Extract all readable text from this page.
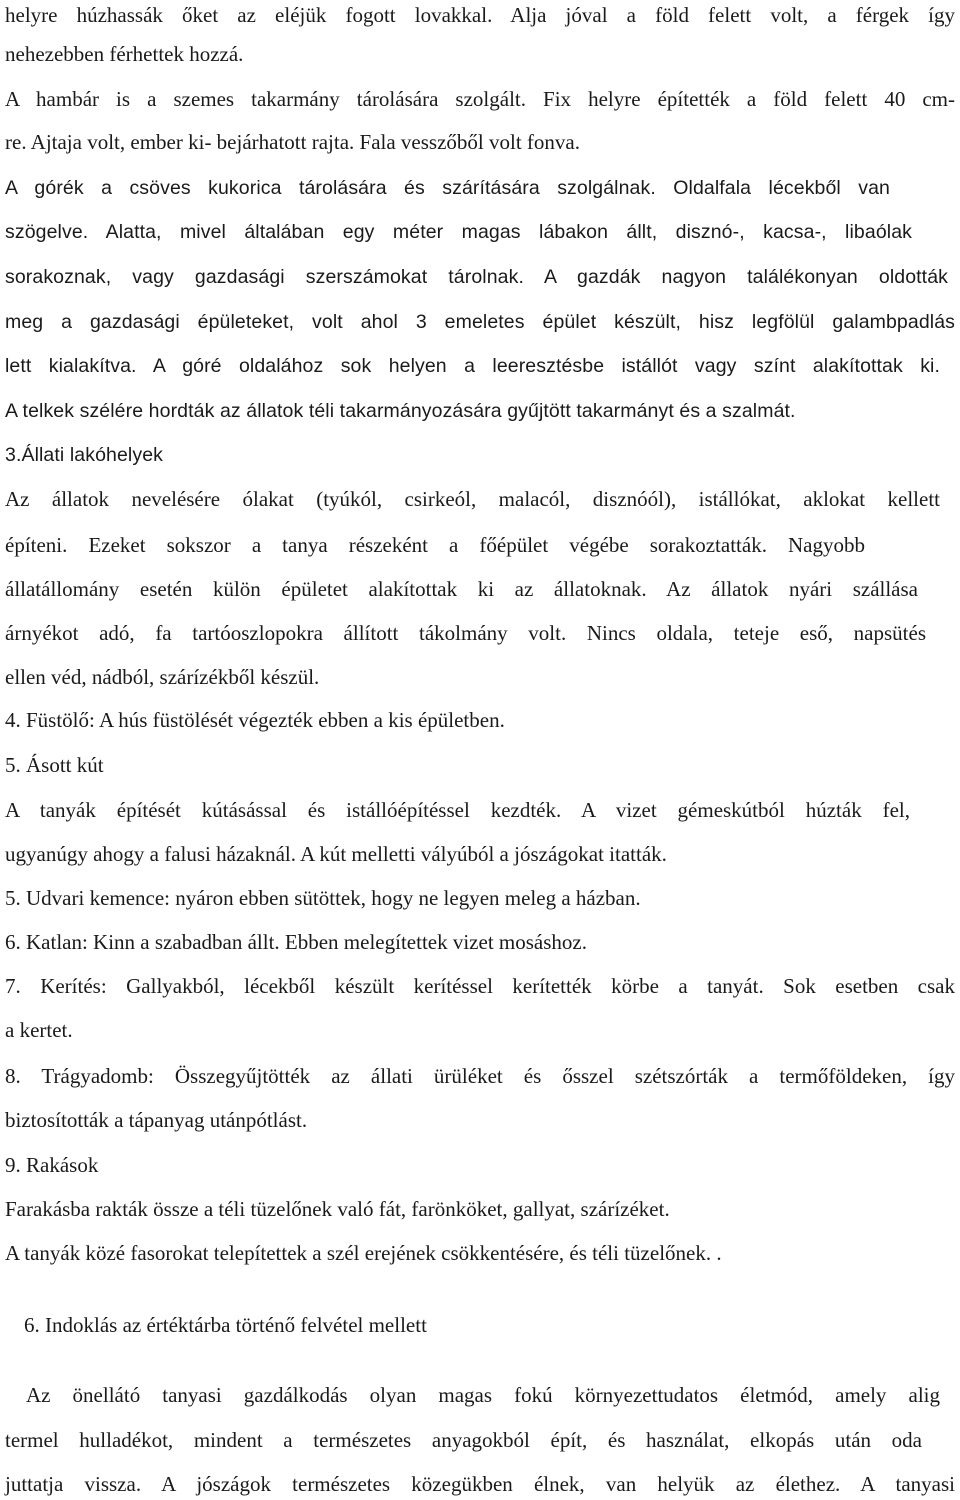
helyre húzhassák őket az eléjük fogott lovakkal. Alja jóval a föld felett volt, a férgek így
nehezebben férhettek hozzá.
A hambár is a szemes takarmány tárolására szolgált. Fix helyre építették a föld felett 40 cm-
re. Ajtaja volt, ember ki- bejárhatott rajta. Fala vesszőből volt fonva.
A górék a csöves kukorica tárolására és szárítására szolgálnak. Oldalfala lécekből van
szögelve. Alatta, mivel általában egy méter magas lábakon állt, disznó-, kacsa-, libaólak
sorakoznak, vagy gazdasági szerszámokat tárolnak. A gazdák nagyon találékonyan oldották
meg a gazdasági épületeket, volt ahol 3 emeletes épület készült, hisz legfölül galambpadlás
lett kialakítva. A góré oldalához sok helyen a leeresztésbe istállót vagy színt alakítottak ki.
A telkek szélére hordták az állatok téli takarmányozására gyűjtött takarmányt és a szalmát.
3.Állati lakóhelyek
Az állatok nevelésére ólakat (tyúkól, csirkeól, malacól, disznóól), istállókat, aklokat kellett
építeni. Ezeket sokszor a tanya részeként a főépület végébe sorakoztatták. Nagyobb
állatállomány esetén külön épületet alakítottak ki az állatoknak. Az állatok nyári szállása
árnyékot adó, fa tartóoszlopokra állított tákolmány volt. Nincs oldala, teteje eső, napsütés
ellen véd, nádból, szárízékből készül.
4. Füstölő: A hús füstölését végezték ebben a kis épületben.
5. Ásott kút
A tanyák építését kútásással és istállóépítéssel kezdték. A vizet gémeskútból húzták fel,
ugyanúgy ahogy a falusi házaknál. A kút melletti vályúból a jószágokat itatták.
5. Udvari kemence: nyáron ebben sütöttek, hogy ne legyen meleg a házban.
6. Katlan: Kinn a szabadban állt. Ebben melegítettek vizet mosáshoz.
7. Kerítés: Gallyakból, lécekből készült kerítéssel kerítették körbe a tanyát. Sok esetben csak
a kertet.
8. Trágyadomb: Összegyűjtötték az állati ürüléket és ősszel szétszórták a termőföldeken, így
biztosították a tápanyag utánpótlást.
9. Rakások
Farakásba rakták össze a téli tüzelőnek való fát, farönköket, gallyat, szárízéket.
A tanyák közé fasorokat telepítettek a szél erejének csökkentésére, és téli tüzelőnek. .
6. Indoklás az értéktárba történő felvétel mellett
Az önellátó tanyasi gazdálkodás olyan magas fokú környezettudatos életmód, amely alig
termel hulladékot, mindent a természetes anyagokból épít, és használat, elkopás után oda
juttatja vissza. A jószágok természetes közegükben élnek, van helyük az élethez. A tanyasi
